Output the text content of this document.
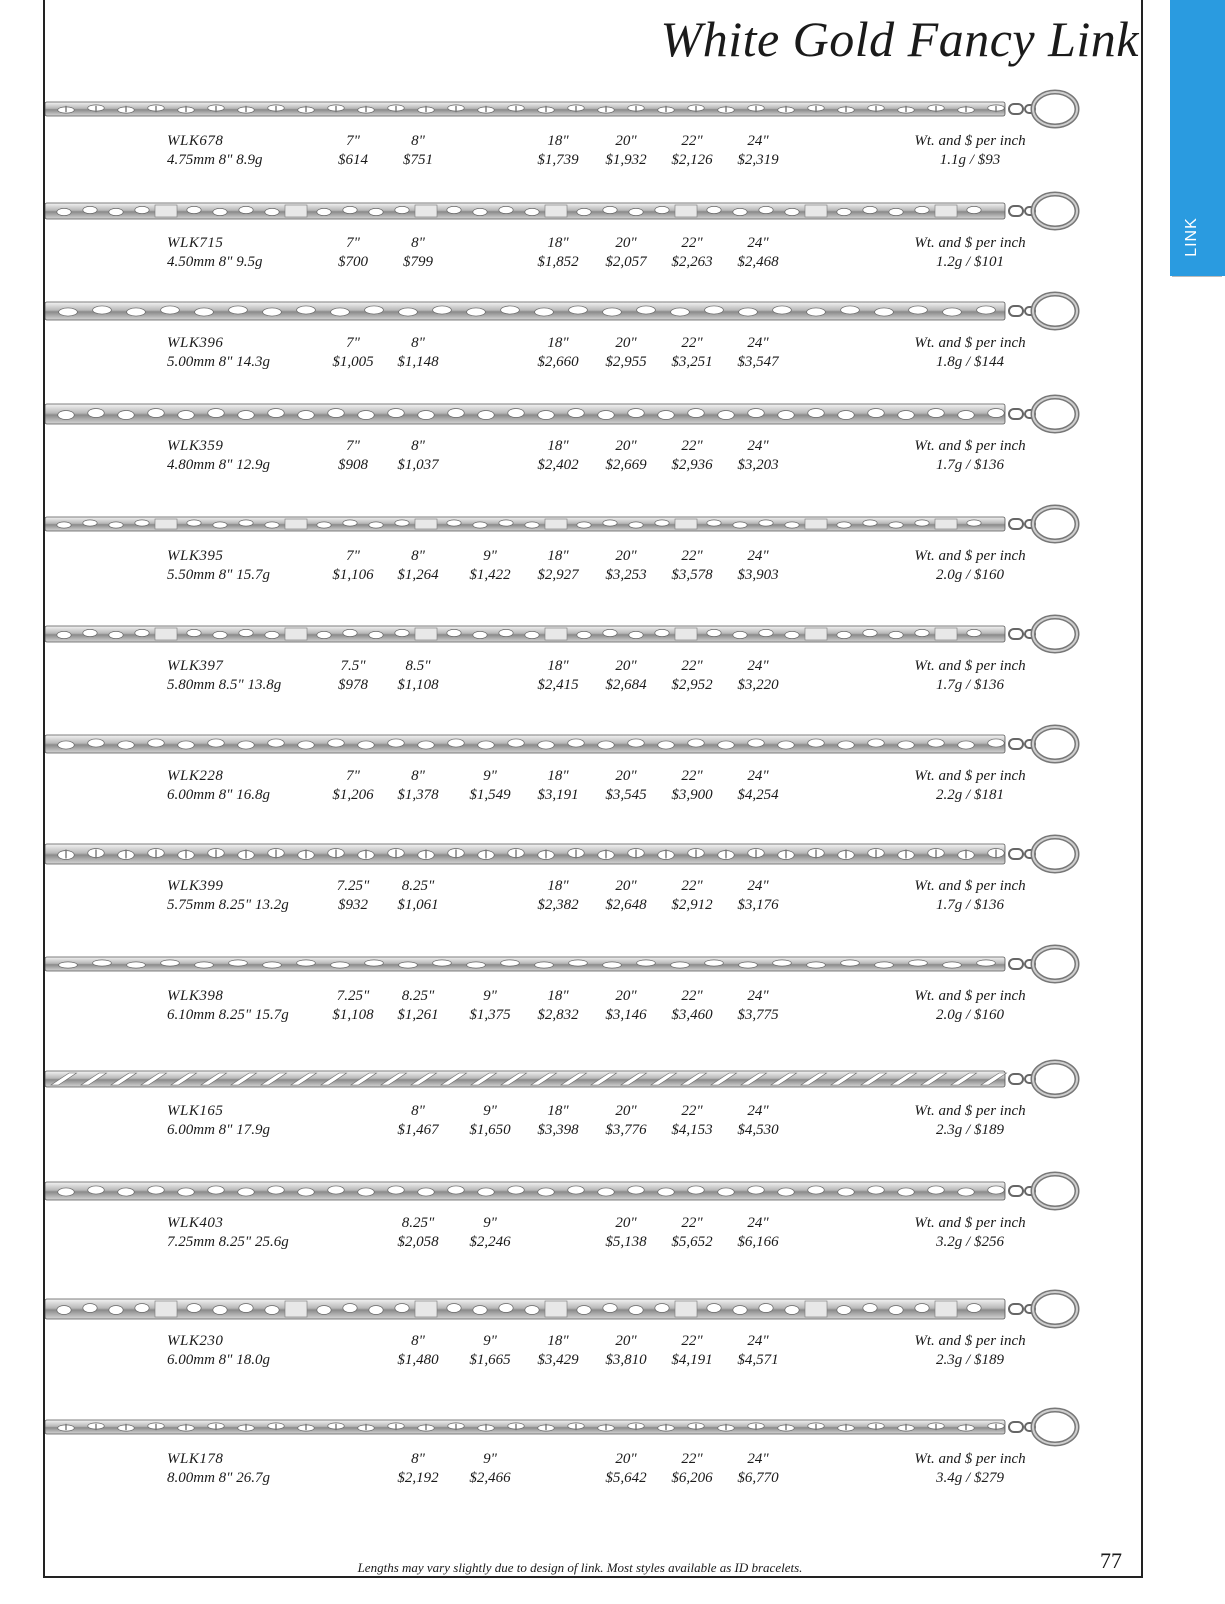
White Gold Fancy Link
LINK
WLK678
4.75mm 8" 8.9g
7"
$614
8"
$751
18"
$1,739
20"
$1,932
22"
$2,126
24"
$2,319
Wt. and $ per inch
1.1g / $93
WLK715
4.50mm 8" 9.5g
7"
$700
8"
$799
18"
$1,852
20"
$2,057
22"
$2,263
24"
$2,468
Wt. and $ per inch
1.2g / $101
WLK396
5.00mm 8" 14.3g
7"
$1,005
8"
$1,148
18"
$2,660
20"
$2,955
22"
$3,251
24"
$3,547
Wt. and $ per inch
1.8g / $144
WLK359
4.80mm 8" 12.9g
7"
$908
8"
$1,037
18"
$2,402
20"
$2,669
22"
$2,936
24"
$3,203
Wt. and $ per inch
1.7g / $136
WLK395
5.50mm 8" 15.7g
7"
$1,106
8"
$1,264
9"
$1,422
18"
$2,927
20"
$3,253
22"
$3,578
24"
$3,903
Wt. and $ per inch
2.0g / $160
WLK397
5.80mm 8.5" 13.8g
7.5"
$978
8.5"
$1,108
18"
$2,415
20"
$2,684
22"
$2,952
24"
$3,220
Wt. and $ per inch
1.7g / $136
WLK228
6.00mm 8" 16.8g
7"
$1,206
8"
$1,378
9"
$1,549
18"
$3,191
20"
$3,545
22"
$3,900
24"
$4,254
Wt. and $ per inch
2.2g / $181
WLK399
5.75mm 8.25" 13.2g
7.25"
$932
8.25"
$1,061
18"
$2,382
20"
$2,648
22"
$2,912
24"
$3,176
Wt. and $ per inch
1.7g / $136
WLK398
6.10mm 8.25" 15.7g
7.25"
$1,108
8.25"
$1,261
9"
$1,375
18"
$2,832
20"
$3,146
22"
$3,460
24"
$3,775
Wt. and $ per inch
2.0g / $160
WLK165
6.00mm 8" 17.9g
8"
$1,467
9"
$1,650
18"
$3,398
20"
$3,776
22"
$4,153
24"
$4,530
Wt. and $ per inch
2.3g / $189
WLK403
7.25mm 8.25" 25.6g
8.25"
$2,058
9"
$2,246
20"
$5,138
22"
$5,652
24"
$6,166
Wt. and $ per inch
3.2g / $256
WLK230
6.00mm 8" 18.0g
8"
$1,480
9"
$1,665
18"
$3,429
20"
$3,810
22"
$4,191
24"
$4,571
Wt. and $ per inch
2.3g / $189
WLK178
8.00mm 8" 26.7g
8"
$2,192
9"
$2,466
20"
$5,642
22"
$6,206
24"
$6,770
Wt. and $ per inch
3.4g / $279
Lengths may vary slightly due to design of link. Most styles available as ID bracelets.	77
